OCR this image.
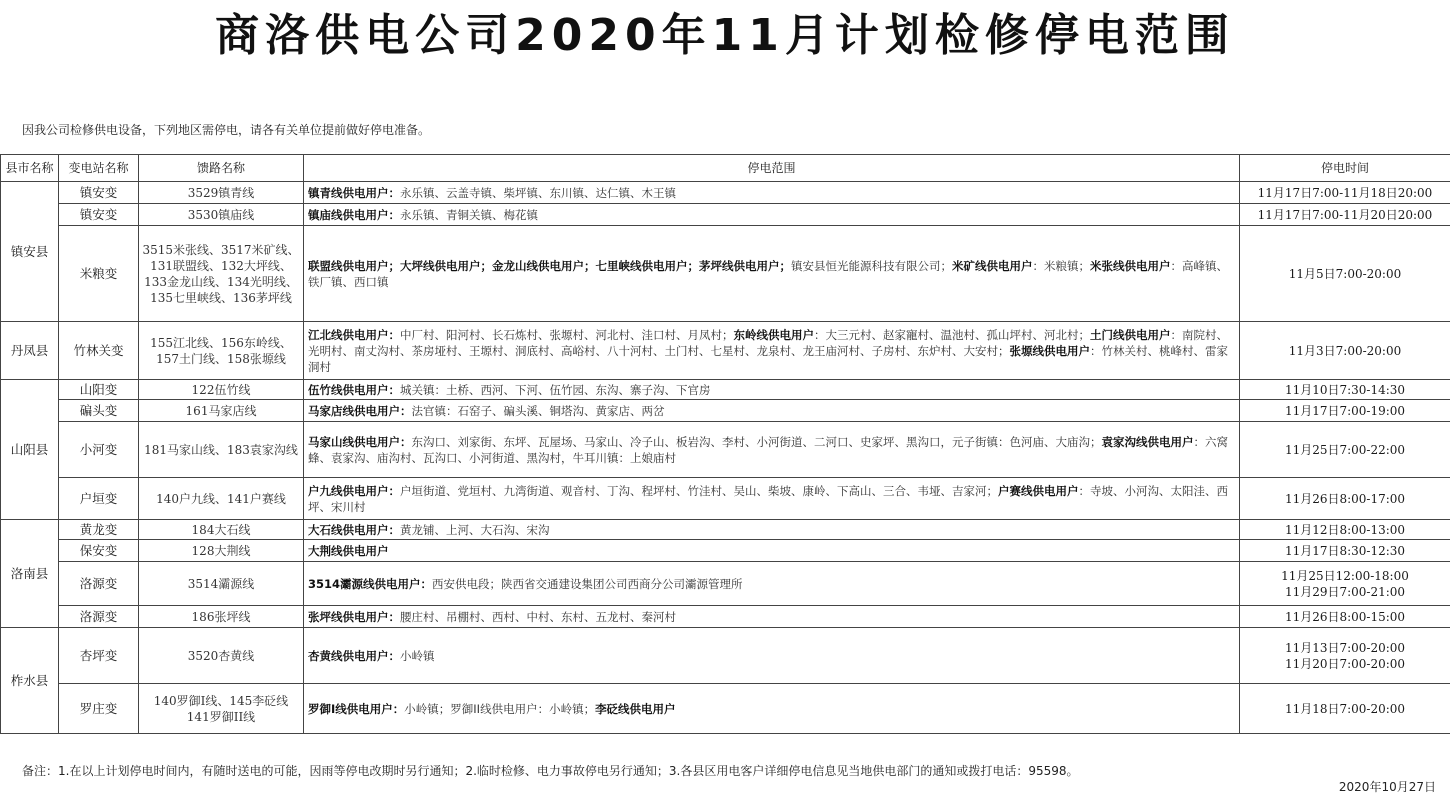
商洛供电公司2020年11月计划检修停电范围
因我公司检修供电设备，下列地区需停电，请各有关单位提前做好停电准备。
县市名称	变电站名称	馈路名称	停电范围	停电时间
镇安县	镇安变	3529镇青线	镇青线供电用户：永乐镇、云盖寺镇、柴坪镇、东川镇、达仁镇、木王镇	11月17日7:00-11月18日20:00

	镇安变	3530镇庙线	镇庙线供电用户：永乐镇、青铜关镇、梅花镇	11月17日7:00-11月20日20:00

	米粮变	3515米张线、3517米矿线、
131联盟线、132大坪线、
133金龙山线、134光明线、
135七里峡线、136茅坪线	联盟线供电用户；大坪线供电用户；金龙山线供电用户；七里峡线供电用户；茅坪线供电用户；镇安县恒光能源科技有限公司；米矿线供电用户：米粮镇；米张线供电用户：高峰镇、铁厂镇、西口镇	11月5日7:00-20:00

丹凤县	竹林关变	155江北线、156东岭线、
157土门线、158张塬线	江北线供电用户：中厂村、阳河村、长石炼村、张塬村、河北村、洼口村、月凤村；东岭线供电用户：大三元村、赵家寵村、温池村、孤山坪村、河北村；土门线供电用户：南院村、光明村、南丈沟村、茶房垭村、王塬村、洞底村、高峪村、八十河村、土门村、七星村、龙泉村、龙王庙河村、子房村、东炉村、大安村；张塬线供电用户：竹林关村、桃峰村、雷家洞村	11月3日7:00-20:00

山阳县	山阳变	122伍竹线	伍竹线供电用户：城关镇：土桥、西河、下河、伍竹园、东沟、寨子沟、下官房	11月10日7:30-14:30

	碥头变	161马家店线	马家店线供电用户：法官镇：石窑子、碥头溪、铜塔沟、黄家店、两岔	11月17日7:00-19:00

	小河变	181马家山线、183袁家沟线	马家山线供电用户：东沟口、刘家街、东坪、瓦屋场、马家山、冷子山、板岩沟、李村、小河街道、二河口、史家坪、黑沟口，元子街镇：色河庙、大庙沟；袁家沟线供电用户：六窝蜂、袁家沟、庙沟村、瓦沟口、小河街道、黑沟村，牛耳川镇：上娘庙村	11月25日7:00-22:00

	户垣变	140户九线、141户赛线	户九线供电用户：户垣街道、党垣村、九湾街道、观音村、丁沟、程坪村、竹洼村、吴山、柴坡、康岭、下高山、三合、韦垭、吉家河；户赛线供电用户：寺坡、小河沟、太阳洼、西坪、宋川村	11月26日8:00-17:00

洛南县	黄龙变	184大石线	大石线供电用户：黄龙铺、上河、大石沟、宋沟	11月12日8:00-13:00

	保安变	128大荆线	大荆线供电用户	11月17日8:30-12:30

	洛源变	3514灞源线	3514灞源线供电用户：西安供电段；陕西省交通建设集团公司西商分公司灞源管理所	11月25日12:00-18:00
11月29日7:00-21:00

	洛源变	186张坪线	张坪线供电用户：腰庄村、吊棚村、西村、中村、东村、五龙村、秦河村	11月26日8:00-15:00

柞水县	杏坪变	3520杏黄线	杏黄线供电用户：小岭镇	11月13日7:00-20:00
11月20日7:00-20:00

	罗庄变	140罗御I线、145李砭线
141罗御II线	罗御I线供电用户：小岭镇；罗御II线供电用户：小岭镇；李砭线供电用户	11月18日7:00-20:00
备注：1.在以上计划停电时间内，有随时送电的可能，因雨等停电改期时另行通知；2.临时检修、电力事故停电另行通知；3.各县区用电客户详细停电信息见当地供电部门的通知或拨打电话：95598。
2020年10月27日
